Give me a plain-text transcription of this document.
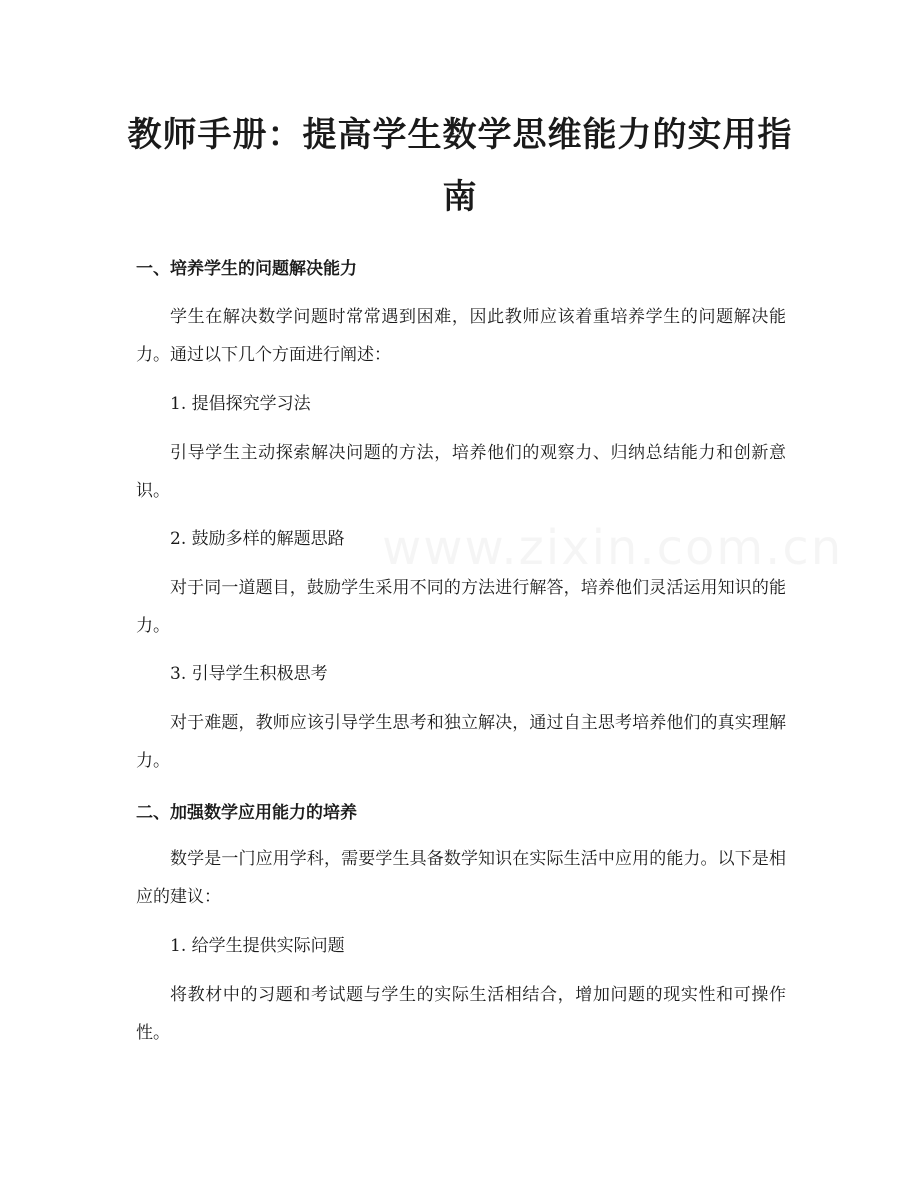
教师手册：提高学生数学思维能力的实用指南
一、培养学生的问题解决能力

学生在解决数学问题时常常遇到困难，因此教师应该着重培养学生的问题解决能力。通过以下几个方面进行阐述：

1. 提倡探究学习法

引导学生主动探索解决问题的方法，培养他们的观察力、归纳总结能力和创新意识。

2. 鼓励多样的解题思路

对于同一道题目，鼓励学生采用不同的方法进行解答，培养他们灵活运用知识的能力。

3. 引导学生积极思考

对于难题，教师应该引导学生思考和独立解决，通过自主思考培养他们的真实理解力。

二、加强数学应用能力的培养

数学是一门应用学科，需要学生具备数学知识在实际生活中应用的能力。以下是相应的建议：

1. 给学生提供实际问题

将教材中的习题和考试题与学生的实际生活相结合，增加问题的现实性和可操作性。
